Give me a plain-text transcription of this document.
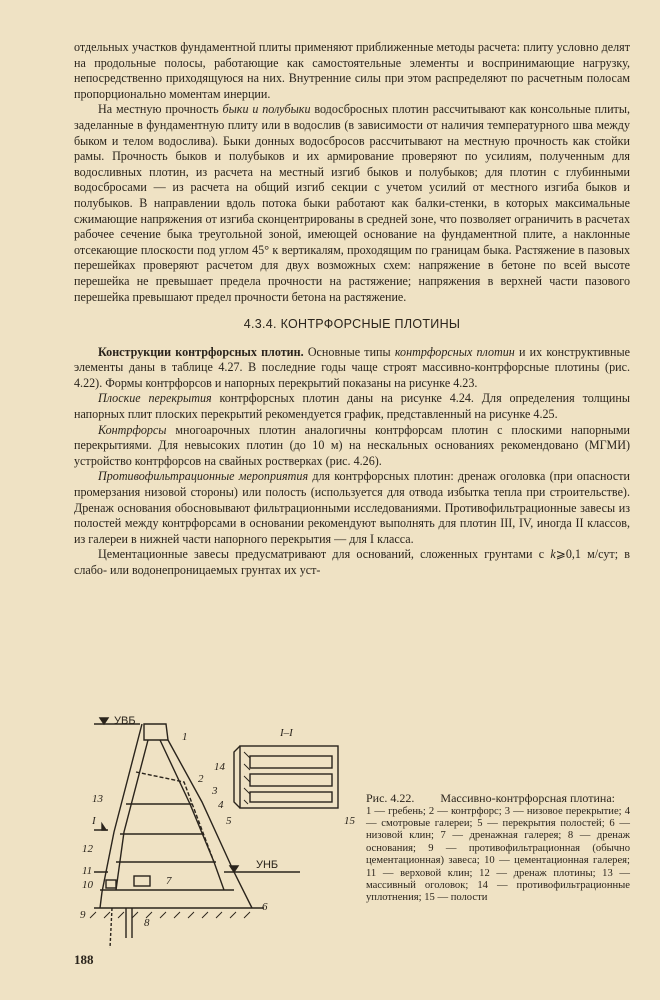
отдельных участков фундаментной плиты применяют приближенные методы расчета: плиту условно делят на продольные полосы, работающие как самостоятельные элементы и воспринимающие нагрузку, непосредственно приходящуюся на них. Внутренние силы при этом распределяют по расчетным полосам пропорционально моментам инерции.

На местную прочность быки и полубыки водосбросных плотин рассчитывают как консольные плиты, заделанные в фундаментную плиту или в водослив (в зависимости от наличия температурного шва между быком и телом водослива). Быки донных водосбросов рассчитывают на местную прочность как стойки рамы. Прочность быков и полубыков и их армирование проверяют по усилиям, полученным для водосливных плотин, из расчета на местный изгиб быков и полубыков; для плотин с глубинными водосбросами — из расчета на общий изгиб секции с учетом усилий от местного изгиба быков и полубыков. В направлении вдоль потока быки работают как балки-стенки, в которых максимальные сжимающие напряжения от изгиба сконцентрированы в средней зоне, что позволяет ограничить в расчетах рабочее сечение быка треугольной зоной, имеющей основание на фундаментной плите, а наклонные отсекающие плоскости под углом 45° к вертикалям, проходящим по границам быка. Растяжение в пазовых перешейках проверяют расчетом для двух возможных схем: напряжение в бетоне по всей высоте перешейка не превышает предела прочности на растяжение; напряжения в верхней части пазового перешейка превышают предел прочности бетона на растяжение.

4.3.4. КОНТРФОРСНЫЕ ПЛОТИНЫ

Конструкции контрфорсных плотин. Основные типы контрфорсных плотин и их конструктивные элементы даны в таблице 4.27. В последние годы чаще строят массивно-контрфорсные плотины (рис. 4.22). Формы контрфорсов и напорных перекрытий показаны на рисунке 4.23.

Плоские перекрытия контрфорсных плотин даны на рисунке 4.24. Для определения толщины напорных плит плоских перекрытий рекомендуется график, представленный на рисунке 4.25.

Контрфорсы многоарочных плотин аналогичны контрфорсам плотин с плоскими напорными перекрытиями. Для невысоких плотин (до 10 м) на нескальных основаниях рекомендовано (МГМИ) устройство контрфорсов на свайных ростверках (рис. 4.26).

Противофильтрационные мероприятия для контрфорсных плотин: дренаж оголовка (при опасности промерзания низовой стороны) или полость (используется для отвода избытка тепла при строительстве). Дренаж основания обосновывают фильтрационными исследованиями. Противофильтрационные завесы из полостей между контрфорсами в основании рекомендуют выполнять для плотин III, IV, иногда II классов, из галереи в нижней части напорного перекрытия — для I класса.

Цементационные завесы предусматривают для оснований, сложенных грунтами с k⩾0,1 м/сут; в слабо- или водонепроницаемых грунтах их уст-

УВБ
УНБ
I–I
I
1
2
3
4
5
6
7
8
9
10
11
12
13
14
15
Рис. 4.22. Массивно-контрфорсная плотина:
1 — гребень; 2 — контрфорс; 3 — низовое перекрытие; 4 — смотровые галереи; 5 — перекрытия полостей; 6 — низовой клин; 7 — дренажная галерея; 8 — дренаж основания; 9 — противофильтрационная (обычно цементационная) завеса; 10 — цементационная галерея; 11 — верховой клин; 12 — дренаж плотины; 13 — массивный оголовок; 14 — противофильтрационные уплотнения; 15 — полости
188
